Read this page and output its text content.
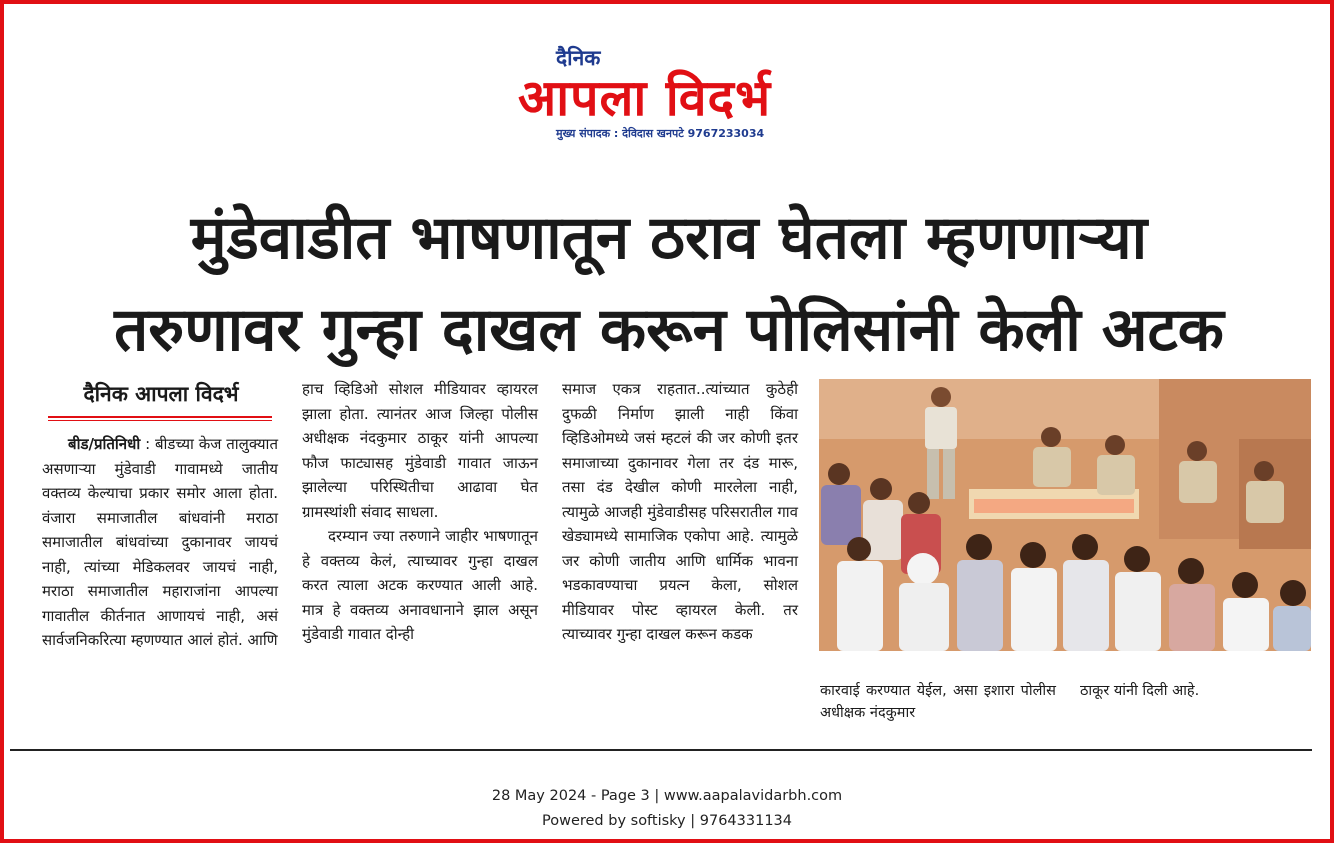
दैनिक
आपला विदर्भ
मुख्य संपादक : देविदास खनपटे 9767233034
मुंडेवाडीत भाषणातून ठराव घेतला म्हणणाऱ्या
तरुणावर गुन्हा दाखल करून पोलिसांनी केली अटक
दैनिक आपला विदर्भ

बीड/प्रतिनिधी : बीडच्या केज तालुक्यात असणाऱ्या मुंडेवाडी गावामध्ये जातीय वक्तव्य केल्याचा प्रकार समोर आला होता. वंजारा समाजातील बांधवांनी मराठा समाजातील बांधवांच्या दुकानावर जायचं नाही, त्यांच्या मेडिकलवर जायचं नाही, मराठा समाजातील महाराजांना आपल्या गावातील कीर्तनात आणायचं नाही, असं सार्वजनिकरित्या म्हणण्यात आलं होतं. आणि

हाच व्हिडिओ सोशल मीडियावर व्हायरल झाला होता. त्यानंतर आज जिल्हा पोलीस अधीक्षक नंदकुमार ठाकूर यांनी आपल्या फौज फाट्यासह मुंडेवाडी गावात जाऊन झालेल्या परिस्थितीचा आढावा घेत ग्रामस्थांशी संवाद साधला.

दरम्यान ज्या तरुणाने जाहीर भाषणातून हे वक्तव्य केलं, त्याच्यावर गुन्हा दाखल करत त्याला अटक करण्यात आली आहे. मात्र हे वक्तव्य अनावधानाने झाल असून मुंडेवाडी गावात दोन्ही

समाज एकत्र राहतात..त्यांच्यात कुठेही दुफळी निर्माण झाली नाही किंवा व्हिडिओमध्ये जसं म्हटलं की जर कोणी इतर समाजाच्या दुकानावर गेला तर दंड मारू, तसा दंड देखील कोणी मारलेला नाही, त्यामुळे आजही मुंडेवाडीसह परिसरातील गाव खेड्यामध्ये सामाजिक एकोपा आहे. त्यामुळे जर कोणी जातीय आणि धार्मिक भावना भडकावण्याचा प्रयत्न केला, सोशल मीडियावर पोस्ट व्हायरल केली. तर त्याच्यावर गुन्हा दाखल करून कडक

कारवाई करण्यात येईल, असा इशारा पोलीस अधीक्षक नंदकुमार
ठाकूर यांनी दिली आहे.
28 May 2024 - Page 3 | www.aapalavidarbh.com
Powered by softisky | 9764331134
